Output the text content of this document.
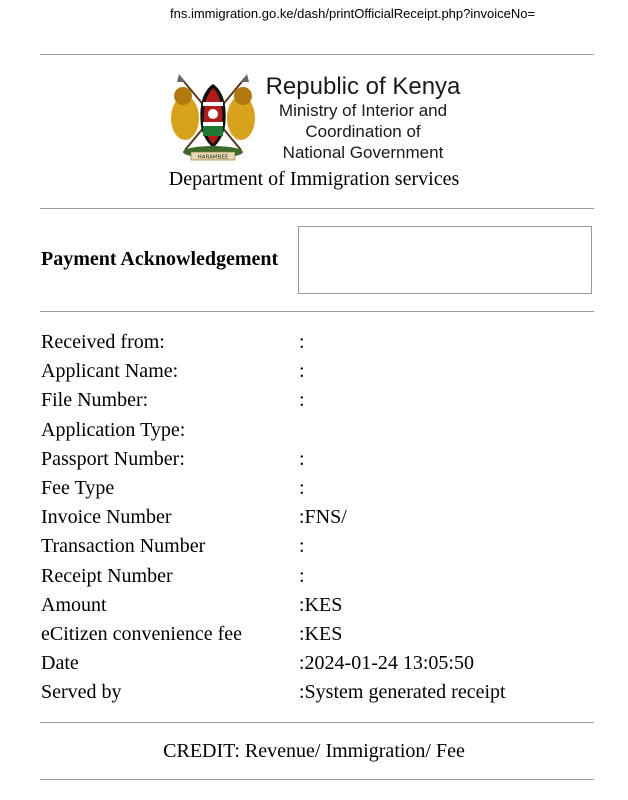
fns.immigration.go.ke/dash/printOfficialReceipt.php?invoiceNo=
HARAMBEE
Republic of Kenya
Ministry of Interior and
Coordination of
National Government
Department of Immigration services
Payment Acknowledgement
Received from:	:
Applicant Name:	:
File Number:	:
Application Type:
Passport Number:	:
Fee Type	:
Invoice Number	:FNS/
Transaction Number	:
Receipt Number	:
Amount	:KES
eCitizen convenience fee	:KES
Date	:2024-01-24 13:05:50
Served by	:System generated receipt
CREDIT: Revenue/ Immigration/ Fee
